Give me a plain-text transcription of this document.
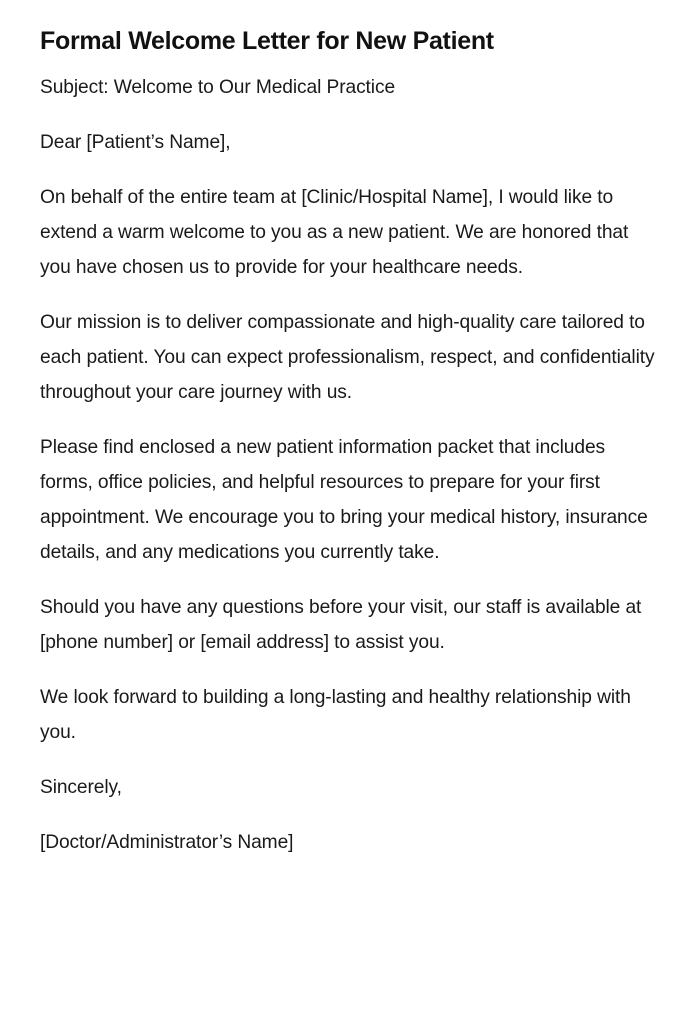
Formal Welcome Letter for New Patient

Subject: Welcome to Our Medical Practice

Dear [Patient’s Name],

On behalf of the entire team at [Clinic/Hospital Name], I would like to extend a warm welcome to you as a new patient. We are honored that you have chosen us to provide for your healthcare needs.

Our mission is to deliver compassionate and high-quality care tailored to each patient. You can expect professionalism, respect, and confidentiality throughout your care journey with us.

Please find enclosed a new patient information packet that includes forms, office policies, and helpful resources to prepare for your first appointment. We encourage you to bring your medical history, insurance details, and any medications you currently take.

Should you have any questions before your visit, our staff is available at [phone number] or [email address] to assist you.

We look forward to building a long-lasting and healthy relationship with you.

Sincerely,

[Doctor/Administrator’s Name]
